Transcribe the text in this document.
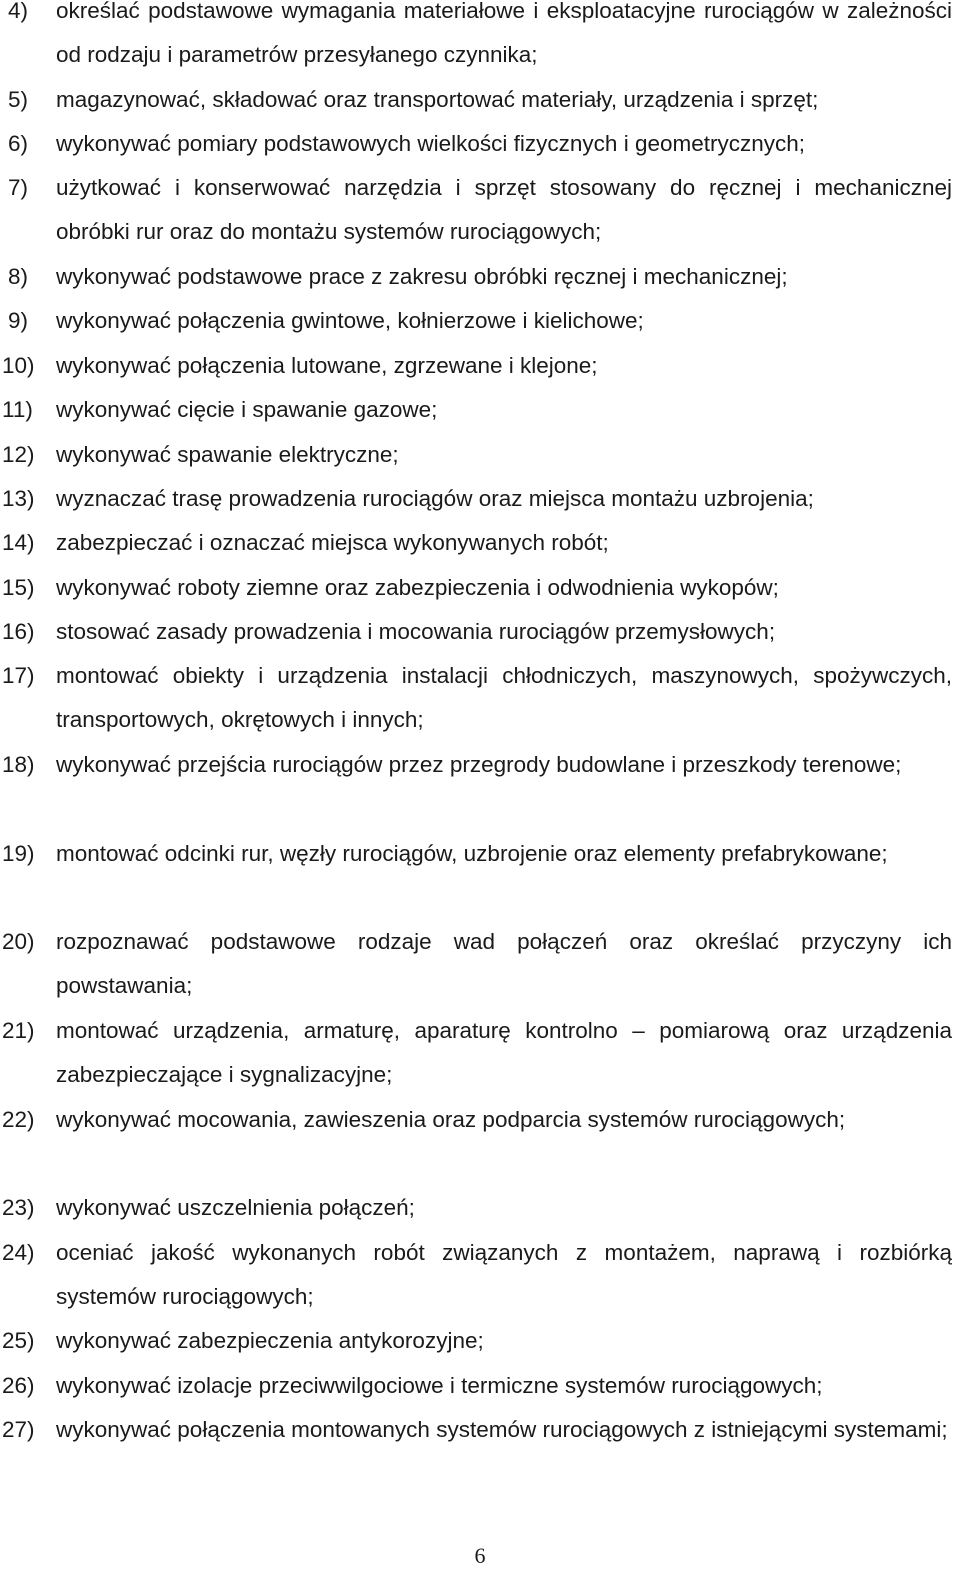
4) określać podstawowe wymagania materiałowe i eksploatacyjne rurociągów w zależności od rodzaju i parametrów przesyłanego czynnika;
5) magazynować, składować oraz transportować materiały, urządzenia i sprzęt;
6) wykonywać pomiary podstawowych wielkości fizycznych i geometrycznych;
7) użytkować i konserwować narzędzia i sprzęt stosowany do ręcznej i mechanicznej obróbki rur oraz do montażu systemów rurociągowych;
8) wykonywać podstawowe prace z zakresu obróbki ręcznej i mechanicznej;
9) wykonywać połączenia gwintowe, kołnierzowe i kielichowe;
10) wykonywać połączenia lutowane, zgrzewane i klejone;
11) wykonywać cięcie i spawanie gazowe;
12) wykonywać spawanie elektryczne;
13) wyznaczać trasę prowadzenia rurociągów oraz miejsca montażu uzbrojenia;
14) zabezpieczać i oznaczać miejsca wykonywanych robót;
15) wykonywać roboty ziemne oraz zabezpieczenia i odwodnienia wykopów;
16) stosować zasady prowadzenia i mocowania rurociągów przemysłowych;
17) montować obiekty i urządzenia instalacji chłodniczych, maszynowych, spożywczych, transportowych, okrętowych i innych;
18) wykonywać przejścia rurociągów przez przegrody budowlane i przeszkody terenowe;
19) montować odcinki rur, węzły rurociągów, uzbrojenie oraz elementy prefabrykowane;
20) rozpoznawać podstawowe rodzaje wad połączeń oraz określać przyczyny ich powstawania;
21) montować urządzenia, armaturę, aparaturę kontrolno – pomiarową oraz urządzenia zabezpieczające i sygnalizacyjne;
22) wykonywać mocowania, zawieszenia oraz podparcia systemów rurociągowych;
23) wykonywać uszczelnienia połączeń;
24) oceniać jakość wykonanych robót związanych z montażem, naprawą i rozbiórką systemów rurociągowych;
25) wykonywać zabezpieczenia antykorozyjne;
26) wykonywać izolacje przeciwwilgociowe i termiczne systemów rurociągowych;
27) wykonywać połączenia montowanych systemów rurociągowych z istniejącymi systemami;
6
